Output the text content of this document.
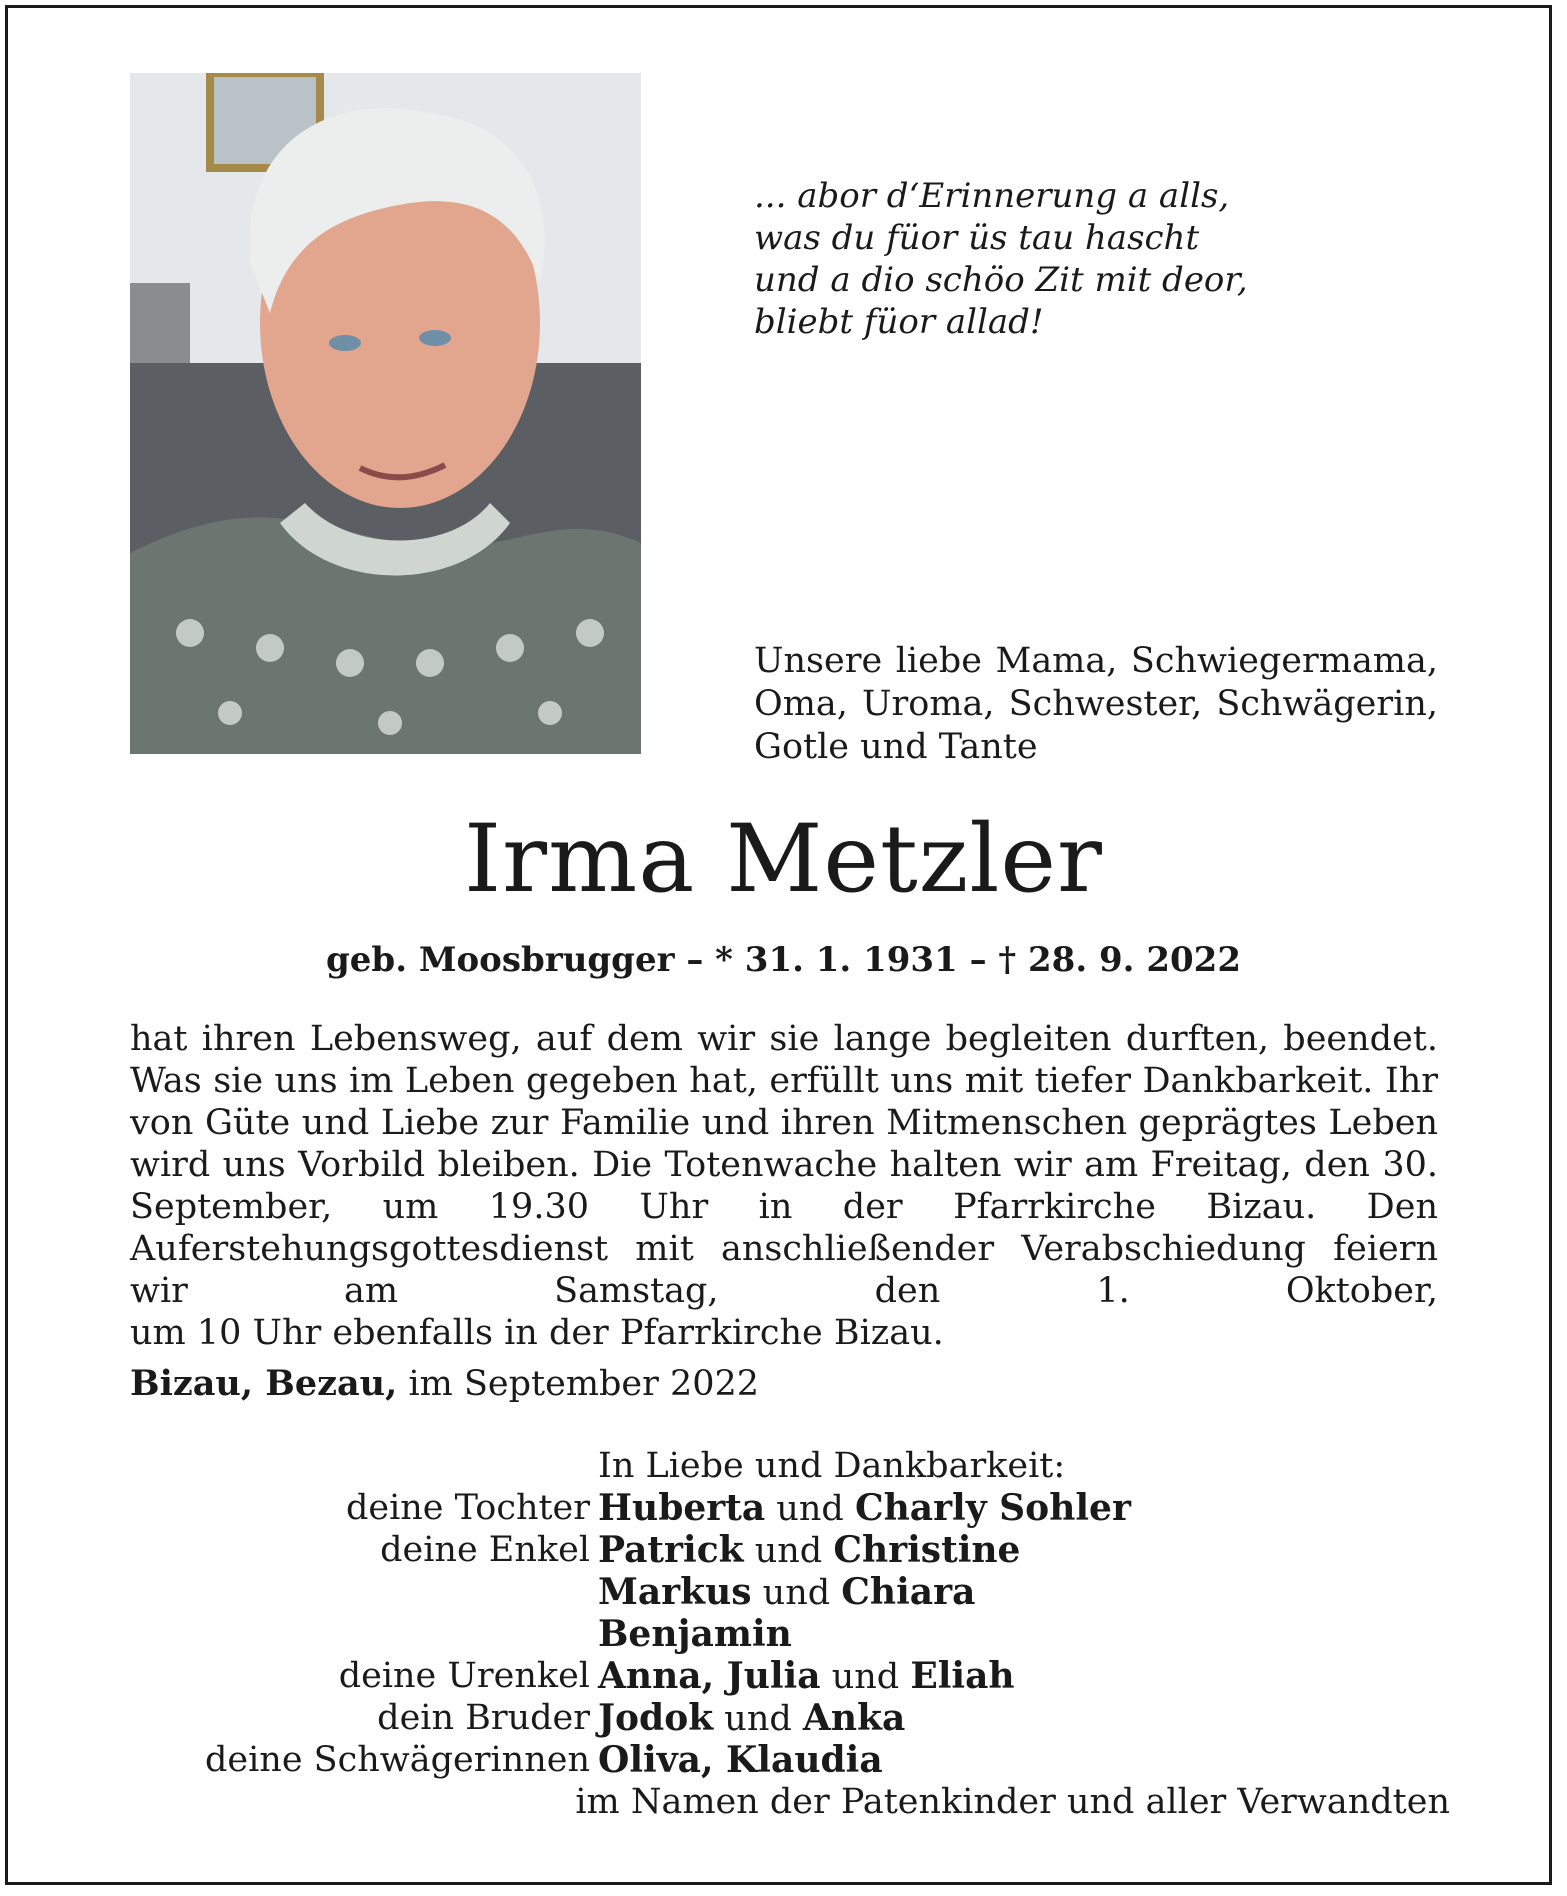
... abor d‘Erinnerung a alls,
was du füor üs tau hascht
und a dio schöo Zit mit deor,
bliebt füor allad!
Unsere liebe Mama, Schwiegermama, Oma, Uroma, Schwester, Schwägerin, Gotle und Tante
Irma Metzler
geb. Moosbrugger – * 31. 1. 1931 – † 28. 9. 2022
hat ihren Lebensweg, auf dem wir sie lange begleiten durften, beendet. Was sie uns im Leben gegeben hat, erfüllt uns mit tiefer Dankbarkeit. Ihr von Güte und Liebe zur Familie und ihren Mitmenschen geprägtes Leben wird uns Vorbild bleiben. Die Totenwache halten wir am Freitag, den 30. September, um 19.30 Uhr in der Pfarrkirche Bizau. Den Auferstehungsgottesdienst mit anschließender Verabschiedung feiern wir am Samstag, den 1. Oktober,
um 10 Uhr ebenfalls in der Pfarrkirche Bizau.
Bizau, Bezau, im September 2022
In Liebe und Dankbarkeit:
deine Tochter Huberta und Charly Sohler
deine Enkel Patrick und Christine
Markus und Chiara
Benjamin
deine Urenkel Anna, Julia und Eliah
dein Bruder Jodok und Anka
deine Schwägerinnen Oliva, Klaudia
im Namen der Patenkinder und aller Verwandten
